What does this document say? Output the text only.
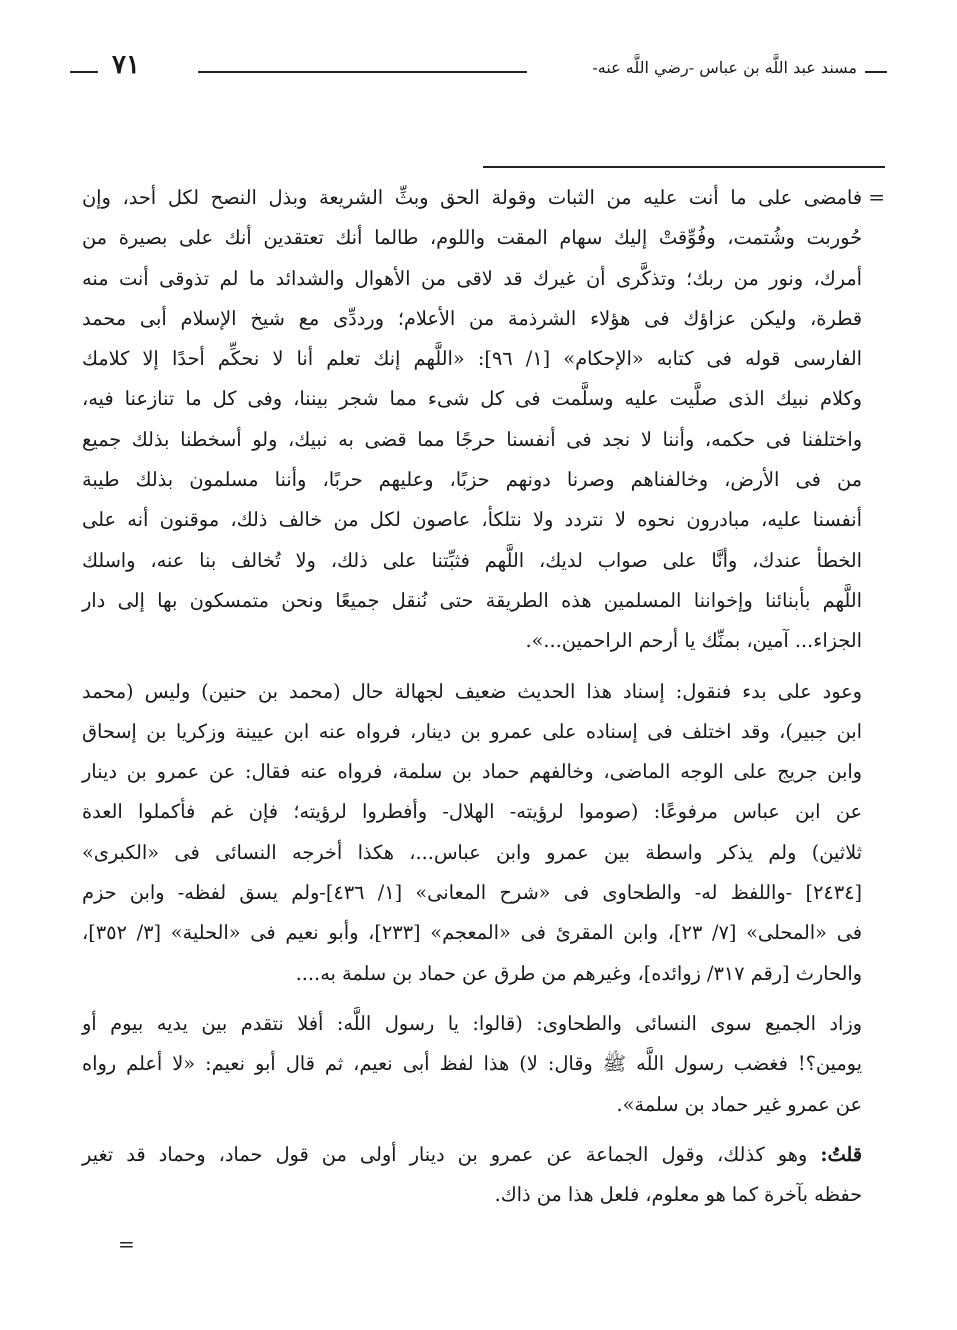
مسند عبد اللَّه بن عباس -رضي اللَّه عنه-
٧١
=

فامضى على ما أنت عليه من الثبات وقولة الحق وبثِّ الشريعة وبذل النصح لكل أحد، وإن
حُوربت وشُتمت، وفُوِّقتْ إليك سهام المقت واللوم، طالما أنك تعتقدين أنك على بصيرة من
أمرك، ونور من ربك؛ وتذكَّرى أن غيرك قد لاقى من الأهوال والشدائد ما لم تذوقى أنت منه
قطرة، وليكن عزاؤك فى هؤلاء الشرذمة من الأعلام؛ ورددِّى مع شيخ الإسلام أبى محمد
الفارسى قوله فى كتابه «الإحكام» [١/ ٩٦]: «اللَّهم إنك تعلم أنا لا نحكِّم أحدًا إلا كلامك
وكلام نبيك الذى صلَّيت عليه وسلَّمت فى كل شىء مما شجر بيننا، وفى كل ما تنازعنا فيه،
واختلفنا فى حكمه، وأننا لا نجد فى أنفسنا حرجًا مما قضى به نبيك، ولو أسخطنا بذلك جميع
من فى الأرض، وخالفناهم وصرنا دونهم حزبًا، وعليهم حربًا، وأننا مسلمون بذلك طيبة
أنفسنا عليه، مبادرون نحوه لا نتردد ولا نتلكأ، عاصون لكل من خالف ذلك، موقنون أنه على
الخطأ عندك، وأنَّا على صواب لديك، اللَّهم فثبِّتنا على ذلك، ولا تُخالف بنا عنه، واسلك
اللَّهم بأبنائنا وإخواننا المسلمين هذه الطريقة حتى نُنقل جميعًا ونحن متمسكون بها إلى دار
الجزاء... آمين، بمنِّك يا أرحم الراحمين...».

وعود على بدء فنقول: إسناد هذا الحديث ضعيف لجهالة حال (محمد بن حنين) وليس (محمد
ابن جبير)، وقد اختلف فى إسناده على عمرو بن دينار، فرواه عنه ابن عيينة وزكريا بن إسحاق
وابن جريج على الوجه الماضى، وخالفهم حماد بن سلمة، فرواه عنه فقال: عن عمرو بن دينار
عن ابن عباس مرفوعًا: (صوموا لرؤيته- الهلال- وأفطروا لرؤيته؛ فإن غم فأكملوا العدة
ثلاثين) ولم يذكر واسطة بين عمرو وابن عباس...، هكذا أخرجه النسائى فى «الكبرى»
[٢٤٣٤] -واللفظ له- والطحاوى فى «شرح المعانى» [١/ ٤٣٦]-ولم يسق لفظه- وابن حزم
فى «المحلى» [٧/ ٢٣]، وابن المقرئ فى «المعجم» [٢٣٣]، وأبو نعيم فى «الحلية» [٣/ ٣٥٢]،
والحارث [رقم ٣١٧/ زوائده]، وغيرهم من طرق عن حماد بن سلمة به....

وزاد الجميع سوى النسائى والطحاوى: (قالوا: يا رسول اللَّه: أفلا نتقدم بين يديه بيوم أو
يومين؟! فغضب رسول اللَّه ﷺ وقال: لا) هذا لفظ أبى نعيم، ثم قال أبو نعيم: «لا أعلم رواه
عن عمرو غير حماد بن سلمة».

قلتُ: وهو كذلك، وقول الجماعة عن عمرو بن دينار أولى من قول حماد، وحماد قد تغير
حفظه بآخرة كما هو معلوم، فلعل هذا من ذاك.

=
